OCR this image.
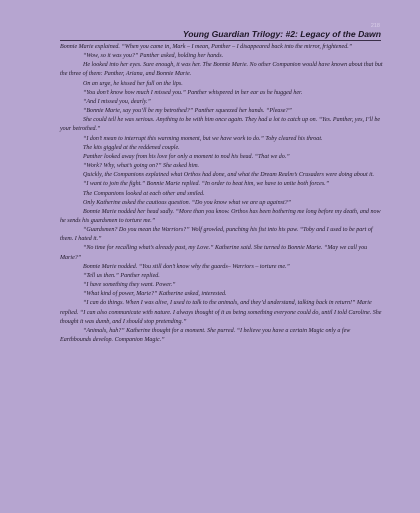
218
Young Guardian Trilogy: #2: Legacy of the Dawn

Bonnie Marie explained. “When you came in, Mark – I mean, Panther – I disappeared back into the mirror, frightened.”

“Wow, so it was you?” Panther asked, holding her hands.

He looked into her eyes. Sure enough, it was her. The Bonnie Marie. No other Companion would have known about that but the three of them: Panther, Ariana, and Bonnie Marie.

On an urge, he kissed her full on the lips.

“You don’t know how much I missed you.” Panther whispered in her ear as he hugged her.

“And I missed you, dearly.”

“Bonnie Marie, say you’ll be my betrothed?” Panther squeezed her hands. “Please?”

She could tell he was serious. Anything to be with him once again. They had a lot to catch up on. “Yes. Panther, yes, I’ll be your betrothed.”

“I don’t mean to interrupt this warming moment, but we have work to do.” Toby cleared his throat.

The kits giggled at the reddened couple.

Panther looked away from his love for only a moment to nod his head. “That we do.”

“Work? Why, what’s going on?” She asked him.

Quickly, the Companions explained what Orthos had done, and what the Dream Realm’s Crusaders were doing about it.

“I want to join the fight.” Bonnie Marie replied. “In order to beat him, we have to unite both forces.”

The Companions looked at each other and smiled.

Only Katherine asked the cautious question. “Do you know what we are up against?”

Bonnie Marie nodded her head sadly. “More than you know. Orthos has been bothering me long before my death, and now he sends his guardsmen to torture me.”

“Guardsmen? Do you mean the Warriors?” Wolf growled, punching his fist into his paw. “Toby and I used to be part of them. I hated it.”

“No time for recalling what’s already past, my Love.” Katherine said. She turned to Bonnie Marie. “May we call you Marie?”

Bonnie Marie nodded. “You still don’t know why the guards– Warriors – torture me.”

“Tell us then.” Panther replied.

“I have something they want. Power.”

“What kind of power, Marie?” Katherine asked, interested.

“I can do things. When I was alive, I used to talk to the animals, and they’d understand, talking back in return!” Marie replied. “I can also communicate with nature. I always thought of it as being something everyone could do, until I told Caroline. She thought it was dumb, and I should stop pretending.”

“Animals, huh?” Katherine thought for a moment. She purred. “I believe you have a certain Magic only a few Earthbounds develop. Companion Magic.”
